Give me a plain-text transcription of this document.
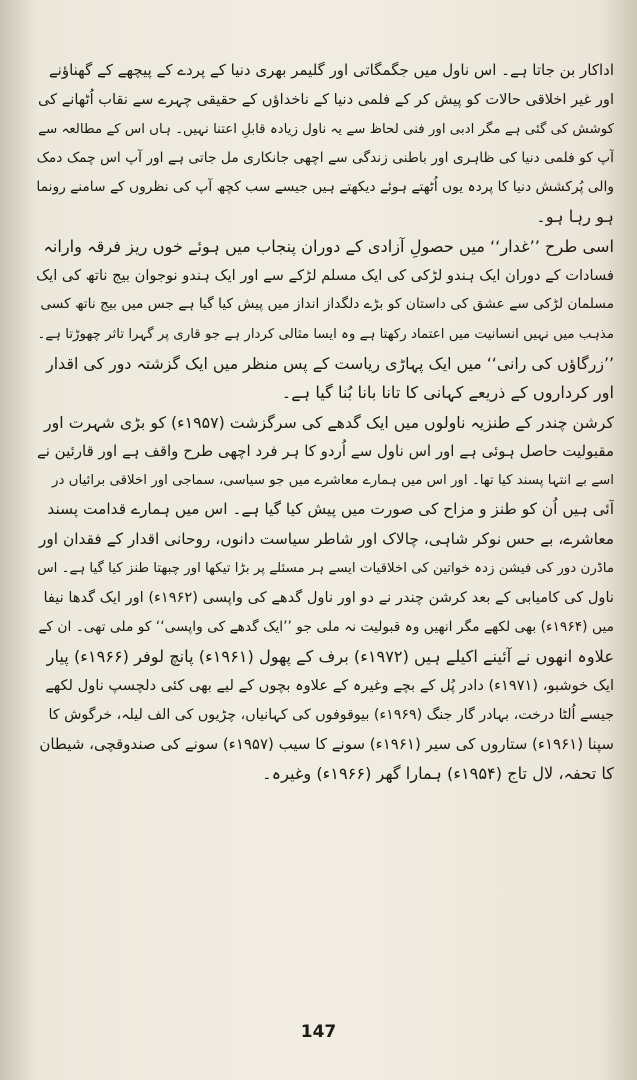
اداکار بن جاتا ہے۔ اس ناول میں جگمگاتی اور گلیمر بھری دنیا کے پردے کے پیچھے کے گھناؤنے
اور غیر اخلاقی حالات کو پیش کر کے فلمی دنیا کے ناخداؤں کے حقیقی چہرے سے نقاب اُٹھانے کی
کوشش کی گئی ہے مگر ادبی اور فنی لحاظ سے یہ ناول زیادہ قابلِ اعتنا نہیں۔ ہاں اس کے مطالعہ سے
آپ کو فلمی دنیا کی ظاہری اور باطنی زندگی سے اچھی جانکاری مل جاتی ہے اور آپ اس چمک دمک
والی پُرکشش دنیا کا پردہ یوں اُٹھتے ہوئے دیکھتے ہیں جیسے سب کچھ آپ کی نظروں کے سامنے رونما
ہو رہا ہو۔
اسی طرح ’’غدار‘‘ میں حصولِ آزادی کے دوران پنجاب میں ہوئے خوں ریز فرقہ وارانہ
فسادات کے دوران ایک ہندو لڑکی کی ایک مسلم لڑکے سے اور ایک ہندو نوجوان بیج ناتھ کی ایک
مسلمان لڑکی سے عشق کی داستان کو بڑے دلگداز انداز میں پیش کیا گیا ہے جس میں بیج ناتھ کسی
مذہب میں نہیں انسانیت میں اعتماد رکھتا ہے وہ ایسا مثالی کردار ہے جو قاری پر گہرا تاثر چھوڑتا ہے۔
’’زرگاؤں کی رانی‘‘ میں ایک پہاڑی ریاست کے پس منظر میں ایک گزشتہ دور کی اقدار
اور کرداروں کے ذریعے کہانی کا تانا بانا بُنا گیا ہے۔
کرشن چندر کے طنزیہ ناولوں میں ایک گدھے کی سرگزشت (۱۹۵۷ء) کو بڑی شہرت اور
مقبولیت حاصل ہوئی ہے اور اس ناول سے اُردو کا ہر فرد اچھی طرح واقف ہے اور قارئین نے
اسے بے انتہا پسند کیا تھا۔ اور اس میں ہمارے معاشرے میں جو سیاسی، سماجی اور اخلاقی برائیاں در
آئی ہیں اُن کو طنز و مزاح کی صورت میں پیش کیا گیا ہے۔ اس میں ہمارے قدامت پسند
معاشرے، بے حس نوکر شاہی، چالاک اور شاطر سیاست دانوں، روحانی اقدار کے فقدان اور
ماڈرن دور کی فیشن زدہ خواتین کی اخلاقیات ایسے ہر مسئلے پر بڑا تیکھا اور چبھتا طنز کیا گیا ہے۔ اس
ناول کی کامیابی کے بعد کرشن چندر نے دو اور ناول گدھے کی واپسی (۱۹۶۲ء) اور ایک گدھا نیفا
میں (۱۹۶۴ء) بھی لکھے مگر انھیں وہ قبولیت نہ ملی جو ’’ایک گدھے کی واپسی‘‘ کو ملی تھی۔ ان کے
علاوہ انھوں نے آئینے اکیلے ہیں (۱۹۷۲ء) برف کے پھول (۱۹۶۱ء) پانچ لوفر (۱۹۶۶ء) پیار
ایک خوشبو، (۱۹۷۱ء) دادر پُل کے بچے وغیرہ کے علاوہ بچوں کے لیے بھی کئی دلچسپ ناول لکھے
جیسے اُلٹا درخت، بہادر گار جنگ (۱۹۶۹ء) بیوقوفوں کی کہانیاں، چڑیوں کی الف لیلہ، خرگوش کا
سپنا (۱۹۶۱ء) ستاروں کی سیر (۱۹۶۱ء) سونے کا سیب (۱۹۵۷ء) سونے کی صندوقچی، شیطان
کا تحفہ، لال تاج (۱۹۵۴ء) ہمارا گھر (۱۹۶۶ء) وغیرہ۔
147
